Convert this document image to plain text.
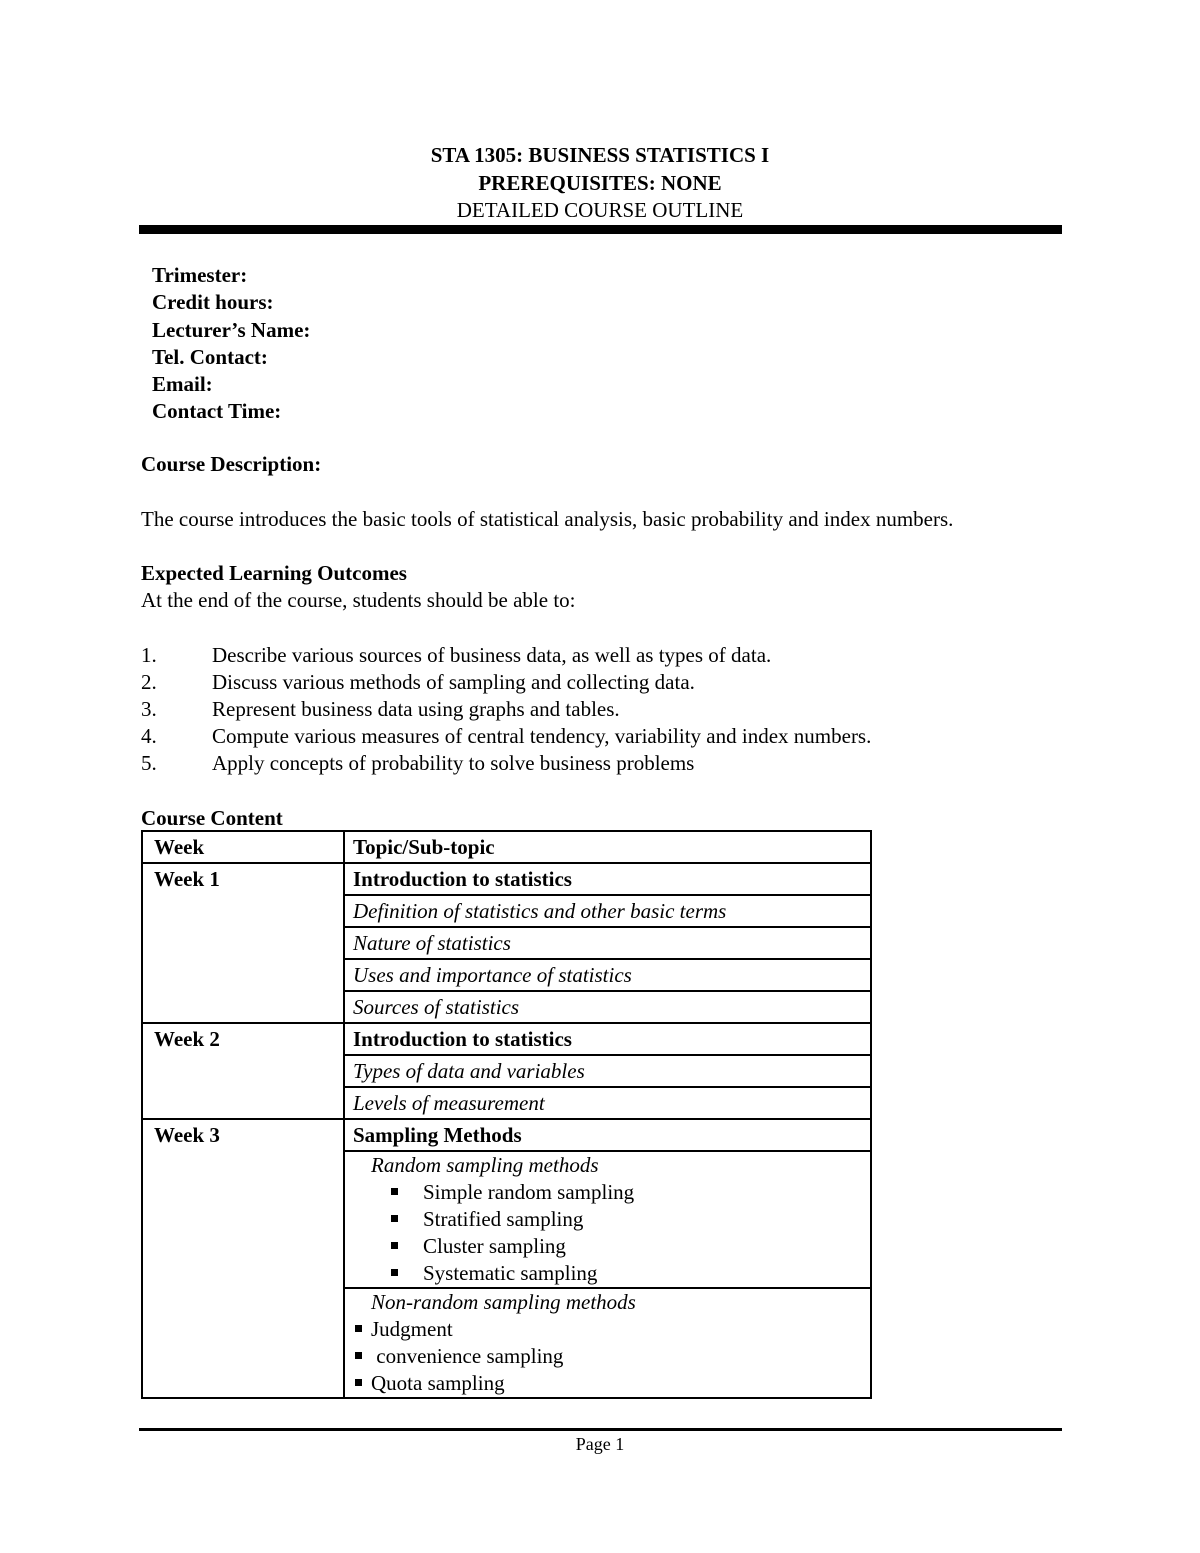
STA 1305: BUSINESS STATISTICS I
PREREQUISITES: NONE
DETAILED COURSE OUTLINE
Trimester:
Credit hours:
Lecturer’s Name:
Tel. Contact:
Email:
Contact Time:
Course Description:
The course introduces the basic tools of statistical analysis, basic probability and index numbers.
Expected Learning Outcomes
At the end of the course, students should be able to:
1.	Describe various sources of business data, as well as types of data.
2.	Discuss various methods of sampling and collecting data.
3.	Represent business data using graphs and tables.
4.	Compute various measures of central tendency, variability and index numbers.
5.	Apply concepts of probability to solve business problems
Course Content
Week	Topic/Sub-topic
Week 1	Introduction to statistics
	Definition of statistics and other basic terms
	Nature of statistics
	Uses and importance of statistics
	Sources of statistics
Week 2	Introduction to statistics
	Types of data and variables
	Levels of measurement
Week 3	Sampling Methods

	Random sampling methods
Simple random sampling
Stratified sampling
Cluster sampling
Systematic sampling

	Non-random sampling methods
Judgment
convenience sampling
Quota sampling
Page 1
